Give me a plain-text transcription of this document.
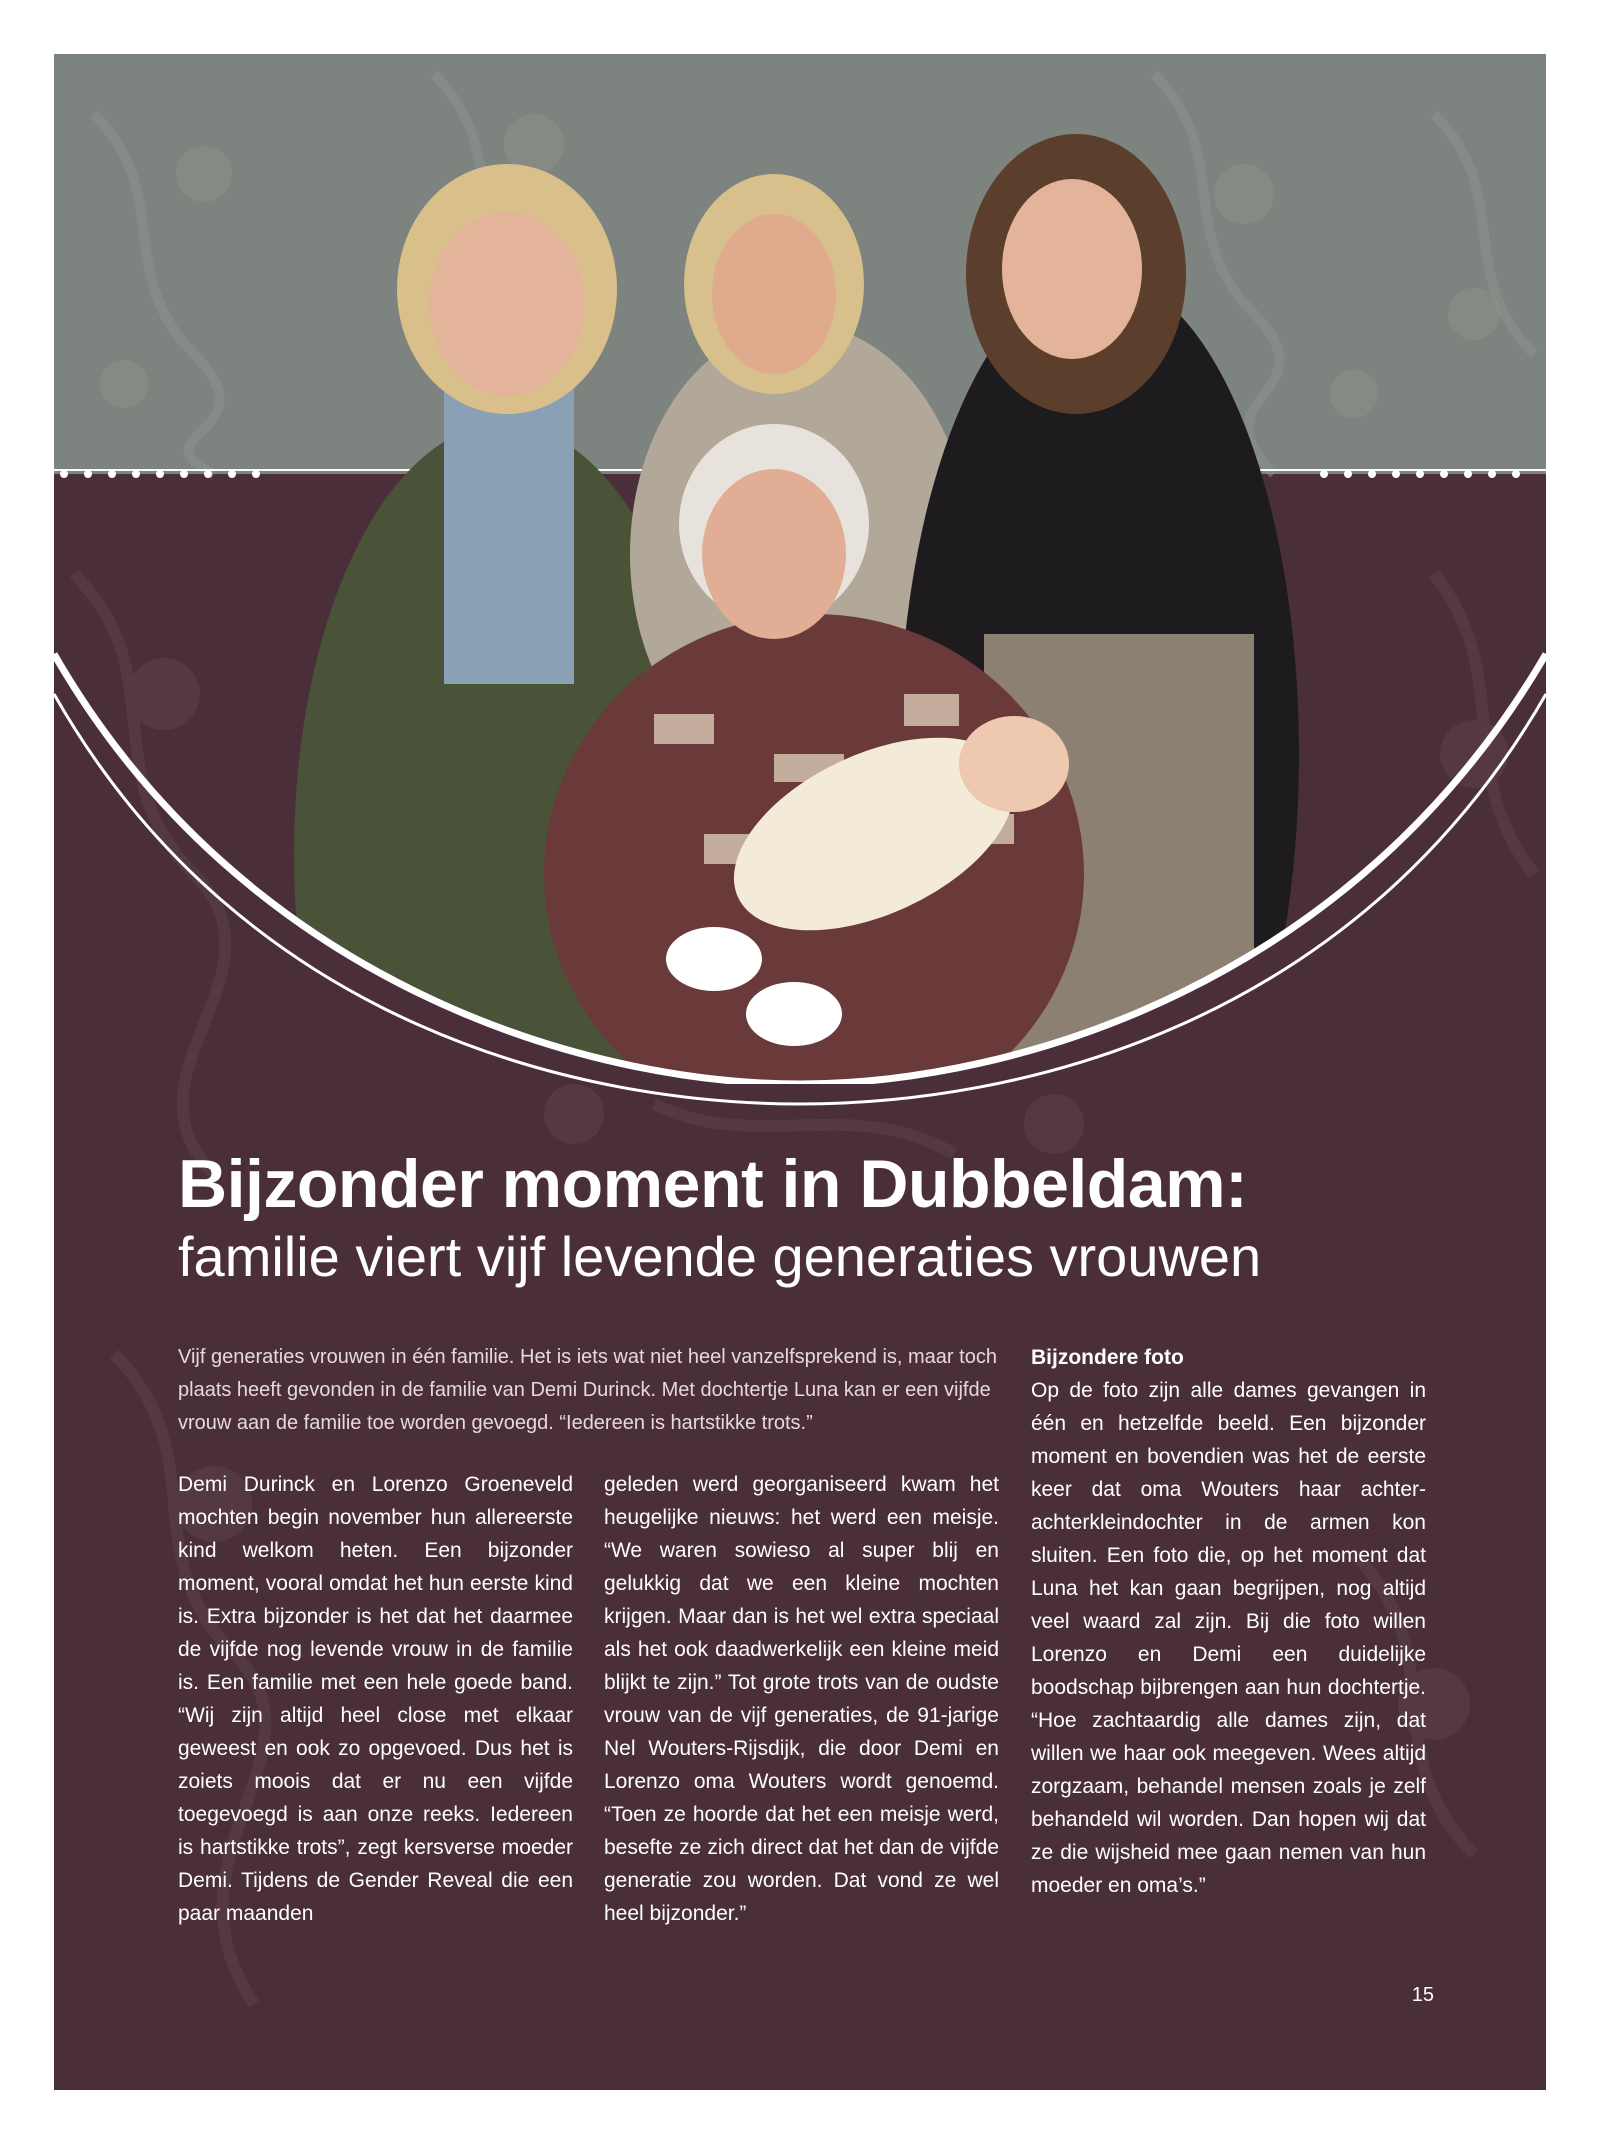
Bijzonder moment in Dubbeldam:
familie viert vijf levende generaties vrouwen
Vijf generaties vrouwen in één familie. Het is iets wat niet heel vanzelfsprekend is, maar toch plaats heeft gevonden in de familie van Demi Durinck. Met dochtertje Luna kan er een vijfde vrouw aan de familie toe worden gevoegd. “Iedereen is hartstikke trots.”
Demi Durinck en Lorenzo Groeneveld mochten begin november hun allereerste kind welkom heten. Een bijzonder moment, vooral omdat het hun eerste kind is. Extra bijzonder is het dat het daarmee de vijfde nog levende vrouw in de familie is. Een familie met een hele goede band. “Wij zijn altijd heel close met elkaar geweest en ook zo opgevoed. Dus het is zoiets moois dat er nu een vijfde toegevoegd is aan onze reeks. Iedereen is hartstikke trots”, zegt kersverse moeder Demi. Tijdens de Gender Reveal die een paar maanden
geleden werd georganiseerd kwam het heugelijke nieuws: het werd een meisje. “We waren sowieso al super blij en gelukkig dat we een kleine mochten krijgen. Maar dan is het wel extra speciaal als het ook daadwerkelijk een kleine meid blijkt te zijn.” Tot grote trots van de oudste vrouw van de vijf generaties, de 91-jarige Nel Wouters-Rijsdijk, die door Demi en Lorenzo oma Wouters wordt genoemd. “Toen ze hoorde dat het een meisje werd, besefte ze zich direct dat het dan de vijfde generatie zou worden. Dat vond ze wel heel bijzonder.”
Bijzondere foto
Op de foto zijn alle dames gevangen in één en hetzelfde beeld. Een bijzonder moment en bovendien was het de eerste keer dat oma Wouters haar achter-achterkleindochter in de armen kon sluiten. Een foto die, op het moment dat Luna het kan gaan begrijpen, nog altijd veel waard zal zijn. Bij die foto willen Lorenzo en Demi een duidelijke boodschap bijbrengen aan hun dochtertje. “Hoe zachtaardig alle dames zijn, dat willen we haar ook meegeven. Wees altijd zorgzaam, behandel mensen zoals je zelf behandeld wil worden. Dan hopen wij dat ze die wijsheid mee gaan nemen van hun moeder en oma’s.”
15
